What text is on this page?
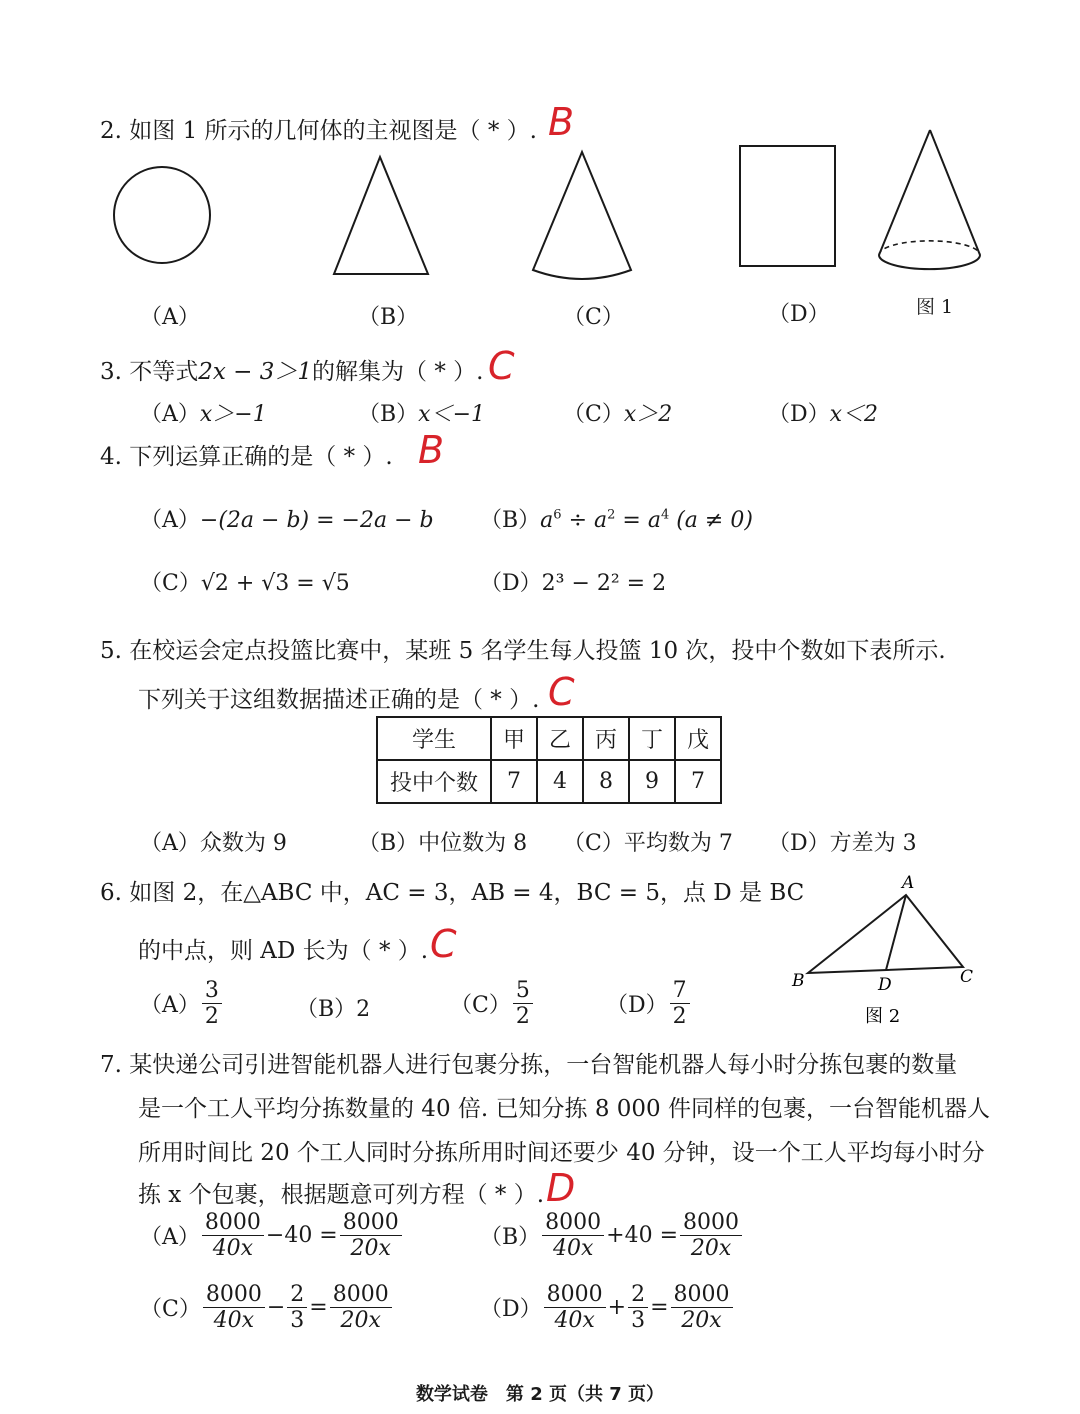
2. 如图 1 所示的几何体的主视图是（ * ）. B
（A）	（B）	（C）	（D）	图 1
3. 不等式2x − 3＞1的解集为（ * ）. C
（A）x＞−1	（B）x＜−1	（C）x＞2	（D）x＜2
4. 下列运算正确的是（ * ）. B
（A）−(2a − b) = −2a − b $(B)a^6 \div a^2 = a^4$ (a ≠ 0)
（C）√2 + √3 = √5	（D）2³ − 2² = 2
5. 在校运会定点投篮比赛中，某班 5 名学生每人投篮 10 次，投中个数如下表所示.
下列关于这组数据描述正确的是（ * ）. C
学生	甲	乙	丙	丁	戊
投中个数	7	4	8	9	7
（A）众数为 9	（B）中位数为 8 （C）平均数为 7 （D）方差为 3
6. 如图 2，在△ABC 中，AC = 3，AB = 4，BC = 5，点 D 是 BC
的中点，则 AD 长为（ * ）. C
$(A) \frac{3}{2}$	（B）2	$(C) \frac{5}{2}$	$(D) \frac{7}{2}$
A
B	C
D
图 2
7. 某快递公司引进智能机器人进行包裹分拣，一台智能机器人每小时分拣包裹的数量
是一个工人平均分拣数量的 40 倍. 已知分拣 8 000 件同样的包裹，一台智能机器人
所用时间比 20 个工人同时分拣所用时间还要少 40 分钟，设一个工人平均每小时分
拣 x 个包裹，根据题意可列方程（ * ）. D
$(A) \frac{8000}{40x} -40 = \frac{8000}{20x}$	$(B) \frac{8000}{40x} +40 = \frac{8000}{20x}$
$(C) \frac{8000}{40x} - \frac{2}{3} = \frac{8000}{20x}$	$(D) \frac{8000}{40x} + \frac{2}{3} = \frac{8000}{20x}$
数学试卷　第 2 页（共 7 页）
